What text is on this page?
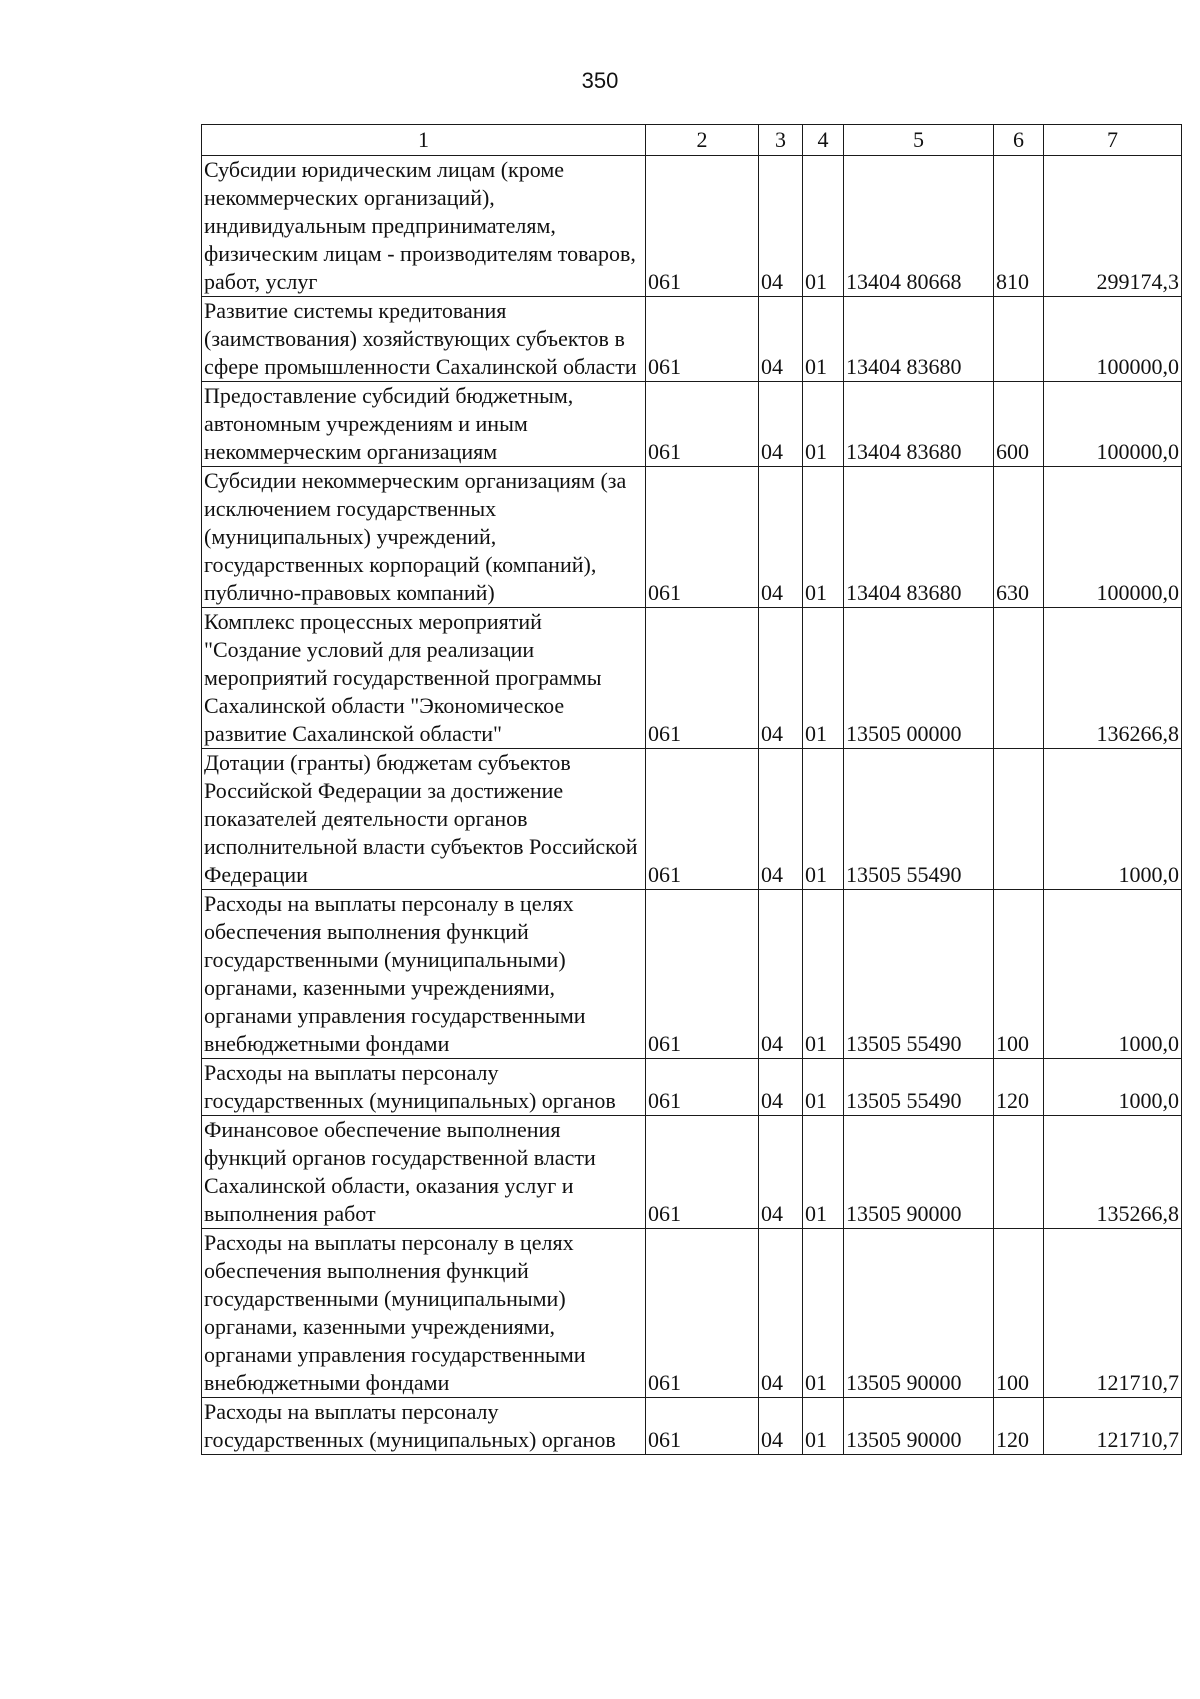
350
1	2	3	4	5	6	7
Субсидии юридическим лицам (кроме некоммерческих организаций), индивидуальным предпринимателям, физическим лицам - производителям товаров, работ, услуг	061	04	01	13404 80668	810	299174,3
Развитие системы кредитования (заимствования) хозяйствующих субъектов в сфере промышленности Сахалинской области	061	04	01	13404 83680		100000,0
Предоставление субсидий бюджетным, автономным учреждениям и иным некоммерческим организациям	061	04	01	13404 83680	600	100000,0
Субсидии некоммерческим организациям (за исключением государственных (муниципальных) учреждений, государственных корпораций (компаний), публично-правовых компаний)	061	04	01	13404 83680	630	100000,0
Комплекс процессных мероприятий "Создание условий для реализации мероприятий государственной программы Сахалинской области "Экономическое развитие Сахалинской области"	061	04	01	13505 00000		136266,8
Дотации (гранты) бюджетам субъектов Российской Федерации за достижение показателей деятельности органов исполнительной власти субъектов Российской Федерации	061	04	01	13505 55490		1000,0
Расходы на выплаты персоналу в целях обеспечения выполнения функций государственными (муниципальными) органами, казенными учреждениями, органами управления государственными внебюджетными фондами	061	04	01	13505 55490	100	1000,0
Расходы на выплаты персоналу государственных (муниципальных) органов	061	04	01	13505 55490	120	1000,0
Финансовое обеспечение выполнения функций органов государственной власти Сахалинской области, оказания услуг и выполнения работ	061	04	01	13505 90000		135266,8
Расходы на выплаты персоналу в целях обеспечения выполнения функций государственными (муниципальными) органами, казенными учреждениями, органами управления государственными внебюджетными фондами	061	04	01	13505 90000	100	121710,7
Расходы на выплаты персоналу государственных (муниципальных) органов	061	04	01	13505 90000	120	121710,7
